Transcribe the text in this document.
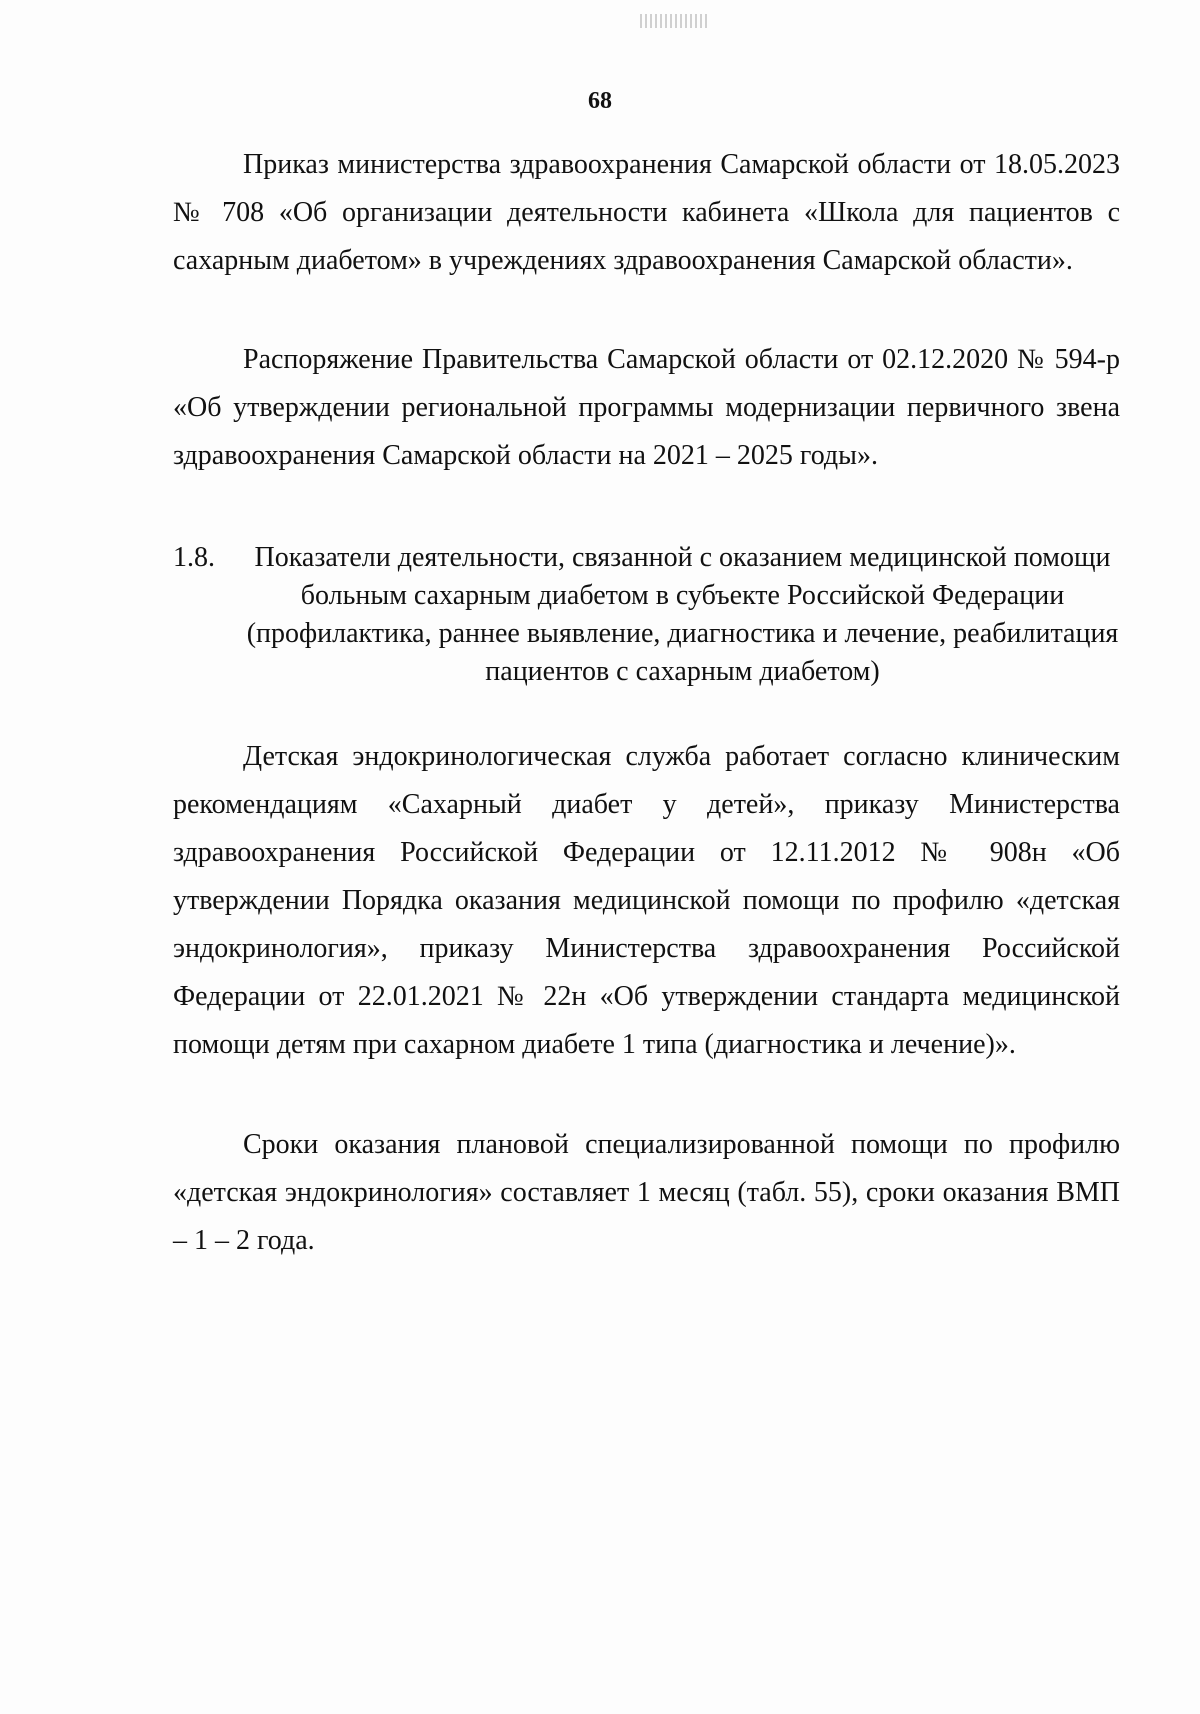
68

Приказ министерства здравоохранения Самарской области от 18.05.2023 № 708 «Об организации деятельности кабинета «Школа для пациентов с сахарным диабетом» в учреждениях здравоохранения Самарской области».

Распоряжение Правительства Самарской области от 02.12.2020 № 594-р «Об утверждении региональной программы модернизации первичного звена здравоохранения Самарской области на 2021 – 2025 годы».

1.8.	Показатели деятельности, связанной с оказанием медицинской помощи больным сахарным диабетом в субъекте Российской Федерации (профилактика, раннее выявление, диагностика и лечение, реабилитация пациентов с сахарным диабетом)

Детская эндокринологическая служба работает согласно клиническим рекомендациям «Сахарный диабет у детей», приказу Министерства здравоохранения Российской Федерации от 12.11.2012 № 908н «Об утверждении Порядка оказания медицинской помощи по профилю «детская эндокринология», приказу Министерства здравоохранения Российской Федерации от 22.01.2021 № 22н «Об утверждении стандарта медицинской помощи детям при сахарном диабете 1 типа (диагностика и лечение)».

Сроки оказания плановой специализированной помощи по профилю «детская эндокринология» составляет 1 месяц (табл. 55), сроки оказания ВМП – 1 – 2 года.
